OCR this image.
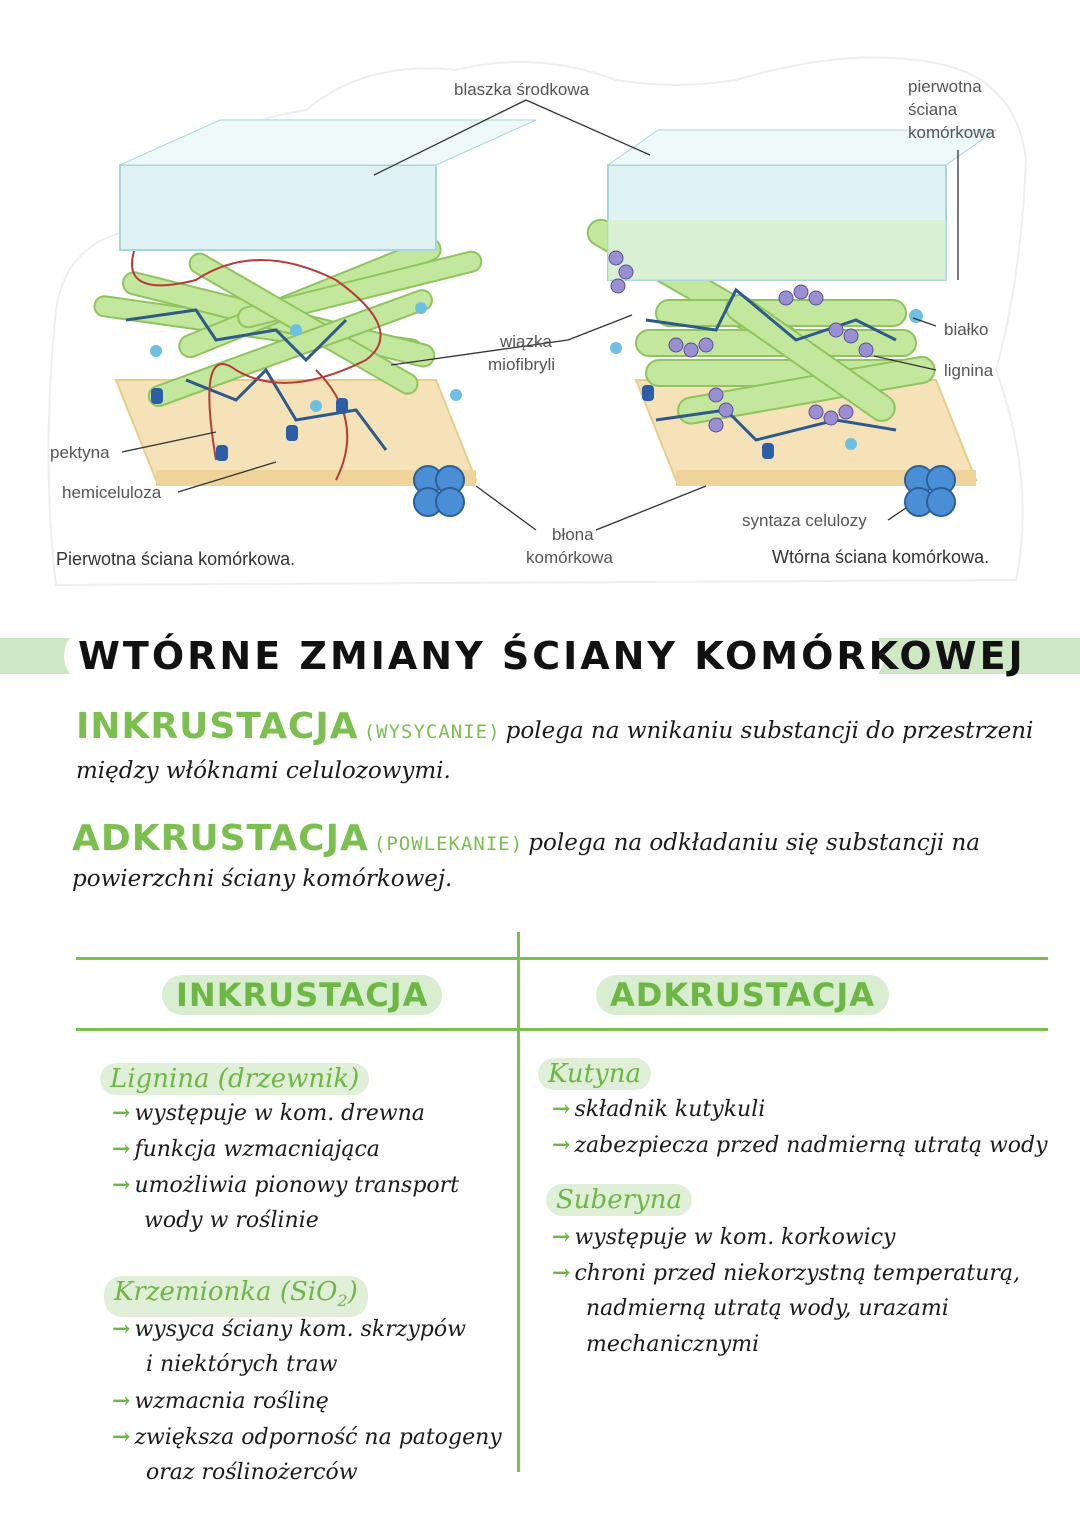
blaszka środkowa	pierwotna
ściana
komórkowa
białko
lignina
wiązka
miofibryli
pektyna
hemiceluloza
błona
komórkowa
syntaza celulozy
Pierwotna ściana komórkowa.	Wtórna ściana komórkowa.
WTÓRNE ZMIANY ŚCIANY KOMÓRKOWEJ
INKRUSTACJA (WYSYCANIE) polega na wnikaniu substancji do przestrzeni
między włóknami celulozowymi.
ADKRUSTACJA (POWLEKANIE) polega na odkładaniu się substancji na
powierzchni ściany komórkowej.
INKRUSTACJA	ADKRUSTACJA
Lignina (drzewnik)
→ występuje w kom. drewna
→ funkcja wzmacniająca
→ umożliwia pionowy transport
wody w roślinie
Krzemionka (SiO$_2$)
→ wysyca ściany kom. skrzypów
i niektórych traw
→ wzmacnia roślinę
→ zwiększa odporność na patogeny
oraz roślinożerców
Kutyna
→ składnik kutykuli
→ zabezpiecza przed nadmierną utratą wody
Suberyna
→ występuje w kom. korkowicy
→ chroni przed niekorzystną temperaturą,
nadmierną utratą wody, urazami
mechanicznymi
